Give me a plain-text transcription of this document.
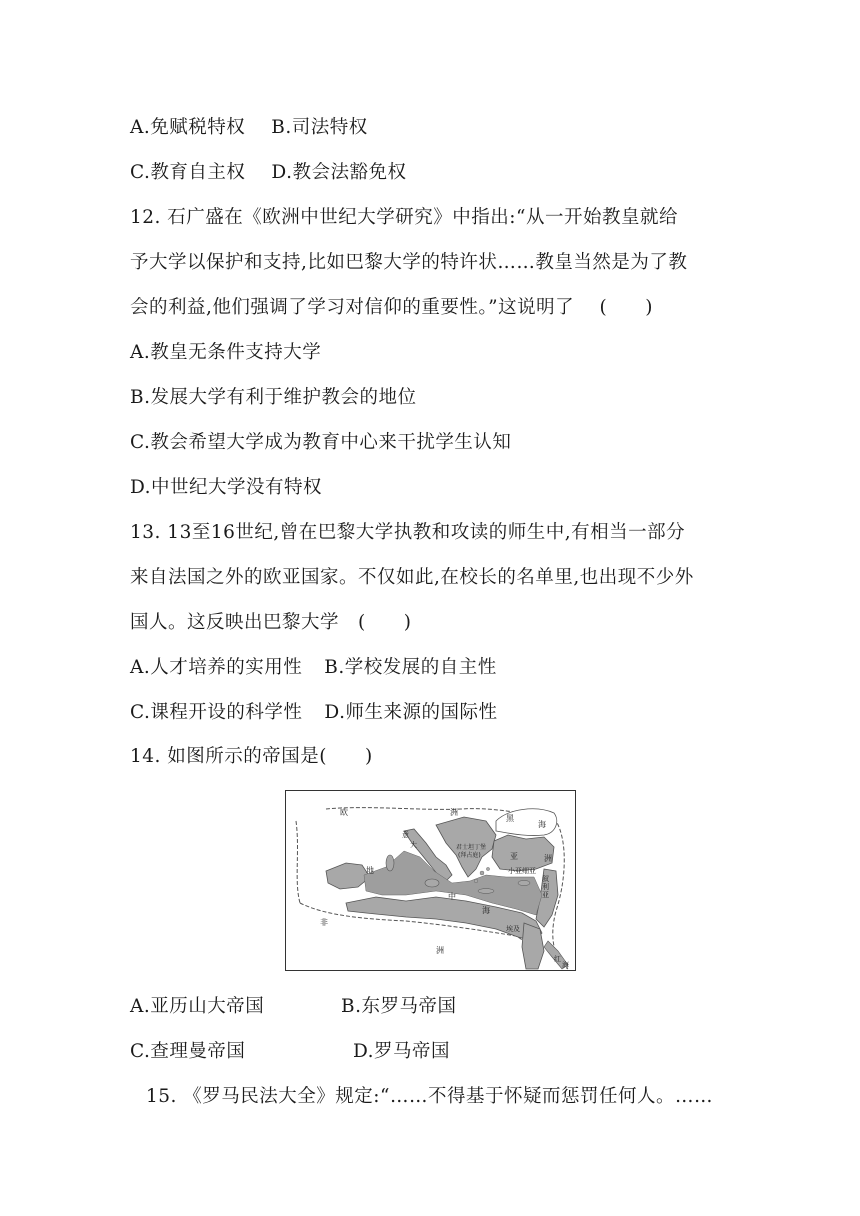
A.免赋税特权 B.司法特权
C.教育自主权 D.教会法豁免权
12. 石广盛在《欧洲中世纪大学研究》中指出:“从一开始教皇就给
予大学以保护和支持,比如巴黎大学的特许状……教皇当然是为了教
会的利益,他们强调了学习对信仰的重要性。”这说明了　 (　　)
A.教皇无条件支持大学
B.发展大学有利于维护教会的地位
C.教会希望大学成为教育中心来干扰学生认知
D.中世纪大学没有特权
13. 13至16世纪,曾在巴黎大学执教和攻读的师生中,有相当一部分
来自法国之外的欧亚国家。不仅如此,在校长的名单里,也出现不少外
国人。这反映出巴黎大学　(　　)
A.人才培养的实用性 B.学校发展的自主性
C.课程开设的科学性 D.师生来源的国际性
14. 如图所示的帝国是(　　)
欧	洲
黑
海
君士坦丁堡
(拜占庭)	亚	洲
小亚细亚
叙
利
亚
意
大
地
中
海
非
洲
埃及
红
海
A.亚历山大帝国	B.东罗马帝国
C.查理曼帝国	D.罗马帝国
15. 《罗马民法大全》规定:“……不得基于怀疑而惩罚任何人。……
